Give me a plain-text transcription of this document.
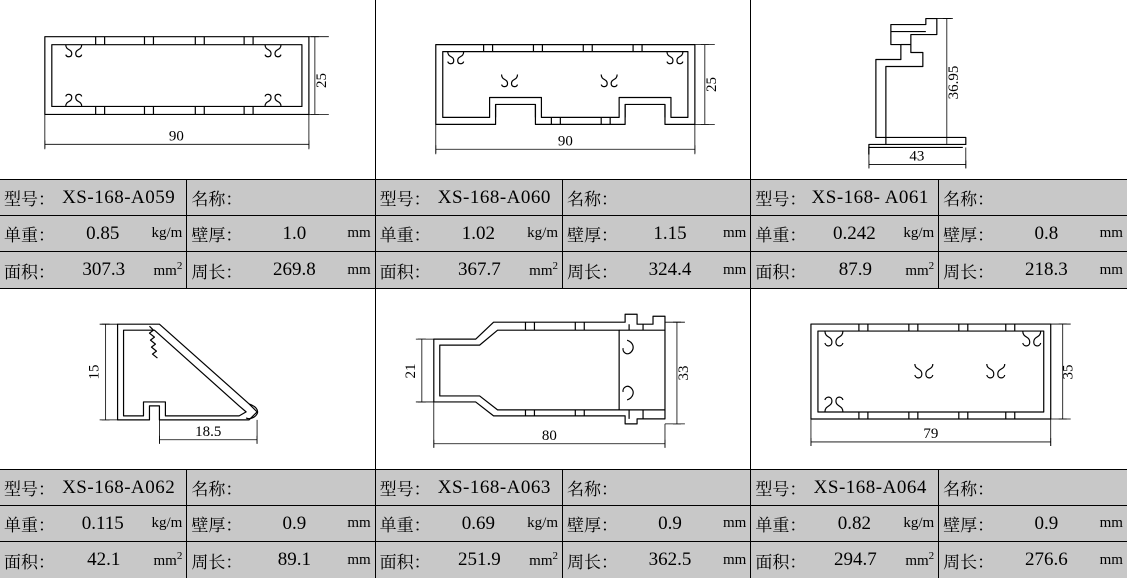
25
90
型号： XS-168-A059 名称：
单重：	0.85	kg/m 壁厚：	1.0	mm
面积：	307.3	$mm^2$ 周长：	269.8	mm
25
90
型号： XS-168-A060 名称：
单重：	1.02	kg/m 壁厚：	1.15	mm
面积：	367.7	$mm^2$ 周长：	324.4	mm
36.95
43
型号： XS-168- A061 名称：
单重：	0.242	kg/m 壁厚：	0.8	mm
面积：	87.9	$mm^2$ 周长：	218.3	mm
15
18.5
型号： XS-168-A062 名称：
单重：	0.115	kg/m 壁厚：	0.9	mm
面积：	42.1	$mm^2$ 周长：	89.1	mm
33
21
80
型号： XS-168-A063 名称：
单重：	0.69	kg/m 壁厚：	0.9	mm
面积：	251.9	$mm^2$ 周长：	362.5	mm
35
79
型号： XS-168-A064 名称：
单重：	0.82	kg/m 壁厚：	0.9	mm
面积：	294.7	$mm^2$ 周长：	276.6	mm
